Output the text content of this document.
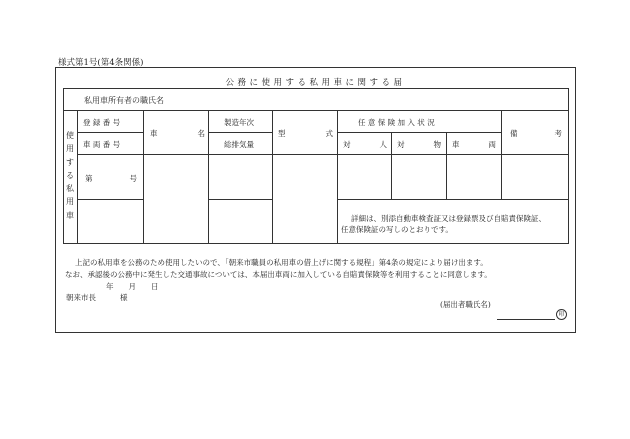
様式第1号(第4条関係)
公務に使用する私用車に関する届
私用車所有者の職氏名
登 録 番 号
車 両 番 号
車　名
製造年次
総排気量
型　式
任 意 保 険 加 入 状 況
対　人 対　物 車　両
備　考
使
用
す
る
私
用
車
第　　　号
詳細は、別添自動車検査証又は登録票及び自賠責保険証、
任意保険証の写しのとおりです。
上記の私用車を公務のため使用したいので、「朝来市職員の私用車の借上げに関する規程」第4条の規定により届け出ます。
なお、承認後の公務中に発生した交通事故については、本届出車両に加入している自賠責保険等を利用することに同意します。
年　　月　　日
朝来市長	様
(届出者職氏名)
印
